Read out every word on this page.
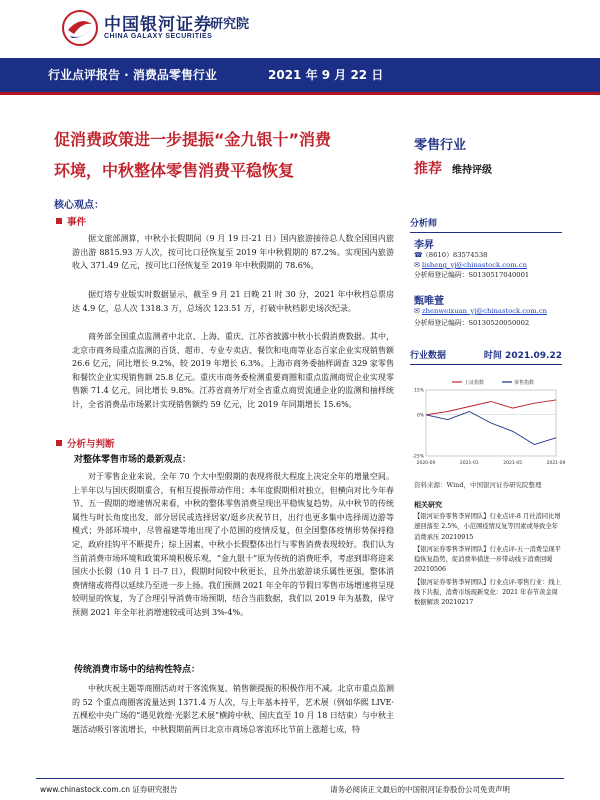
中国银河证券
研究院
CHINA GALAXY SECURITIES
行业点评报告 · 消费品零售行业	2021 年 9 月 22 日
促消费政策进一步提振“金九银十”消费
环境，中秋整体零售消费平稳恢复
零售行业
推荐 维持评级
核心观点：
事件
据文旅部测算，中秋小长假期间（9 月 19 日-21 日）国内旅游接待总人数全国国内旅游出游 8815.93 万人次，按可比口径恢复至 2019 年中秋假期的 87.2%。实现国内旅游收入 371.49 亿元，按可比口径恢复至 2019 年中秋假期的 78.6%。
据灯塔专业版实时数据显示，截至 9 月 21 日晚 21 时 30 分，2021 年中秋档总票房达 4.9 亿，总人次 1318.3 万，总场次 123.51 万，打破中秋档影史场次纪录。
商务部全国重点监测者中北京、上海、重庆、江苏省披露中秋小长假消费数据。其中，北京市商务局重点监测的百货、超市、专业专卖店、餐饮和电商等业态百家企业实现销售额 26.6 亿元，同比增长 9.2%，较 2019 年增长 6.3%。上海市商务委抽样调查 329 家零售和餐饮企业实现销售额 25.8 亿元。重庆市商务委检测重要商圈和重点监测商贸企业实现零售额 71.4 亿元，同比增长 9.8%。江苏省商务厅对全省重点商贸流通企业的监测和抽样统计，全省消费品市场累计实现销售额约 59 亿元，比 2019 年同期增长 15.6%。
分析与判断
对整体零售市场的最新观点：
对于零售企业来说，全年 70 个大中型假期的表现将很大程度上决定全年的增量空间。上半年以与国庆假期重合，有相互提振带动作用；本年度假期相对独立，但横向对比今年春节、五一假期的增速情况来看，中秋的整体零售消费呈现出平稳恢复趋势。从中秋节的传统属性与时长角度出发，部分居民或选择居家/逛乡庆祝节日，出行也更多集中选择周边游等模式；外部环境中，尽管福建等地出现了小范围的疫情反复，但全国整体疫情形势保持稳定，政府挂钩平不断提升；综上因素，中秋小长假整体出行与零售消费表现较好。我们认为当前消费市场环境和政策环境积极乐观，“金九银十”原为传统的消费旺季，考虑到即将迎来国庆小长假（10 月 1 日-7 日），假期时间较中秋更长，且外出旅游谈乐属性更强，整体消费情绪或将得以延续乃至进一步上扬。我们预测 2021 年全年的节假日零售市场增速将呈现较明显的恢复，为了合理引导消费市场预期，结合当前数据，我们以 2019 年为基数，保守预测 2021 年全年社消增速较或可达到 3%-4%。
传统消费市场中的结构性特点：
中秋庆祝主题等商圈活动对于客流恢复、销售额提振的积极作用不减。北京市重点监测的 52 个重点商圈客流量达到 1371.4 万人次，与上年基本持平，艺术展（例如华熙 LIVE·五棵松中央广场的“遇见敦煌·光影艺术展”横跨中秋、国庆直至 10 月 18 日结束）与中秋主题活动吸引客流增长，中秋假期前两日北京市商场总客流环比节前上涨超七成，特
分析师
李昇
☎（8610）83574538
✉ lisheng_yj@chinastock.com.cn
分析师登记编码：S0130517040001
甄唯萱
✉ zhenweixuan_yj@chinastock.com.cn
分析师登记编码：S0130520050002
行业数据	时间 2021.09.22
上证指数	零售指数
2020-09	2021-01	2021-05	2021-09
-25%
0%
15%
资料来源：Wind，中国银河证券研究院整理
相关研究
【银河证券零售李昇团队】行业点评-8 月社消同比增速回落至 2.5%，小范围疫情反复等因素或导致全年消费承压 20210915
【银河证券零售李昇团队】行业点评-五一消费呈现平稳恢复趋势，促消费举措进一步带动线下消费回暖 20210506
【银河证券零售李昇团队】行业点评-零售行业：线上线下共振，消费市场现新变化：2021 年春节黄金周数据解读 20210217
www.chinastock.com.cn 证券研究报告	请务必阅读正文最后的中国银河证券股份公司免责声明
